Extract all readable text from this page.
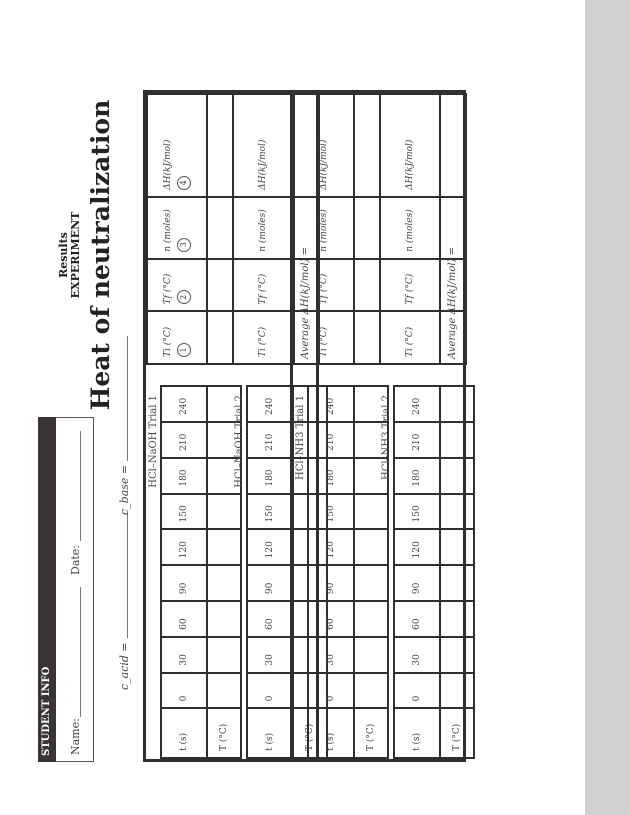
Results EXPERIMENT Heat of neutralization
STUDENT INFO	Name:
Date:
c_acid =
c_base =
HCl–NaOH Trial 1
t (s)	0	30	60	90	120	150	180	210	240
T (°C)									
Ti (°C) 1	Tf (°C) 2	n (moles) 3	ΔH(kJ/mol) 4

HCl–NaOH Trial 2
t (s)	0	30	60	90	120	150	180	210	240
T (°C)									
Ti (°C)	Tf (°C)	n (moles)	ΔH(kJ/mol)

Average ΔH(kJ/mol) =
HCl–NH3 Trial 1
t (s)	0	30	60	90	120	150	180	210	240
T (°C)									
Ti (°C)	Tf (°C)	n (moles)	ΔH(kJ/mol)

HCl–NH3 Trial 2
t (s)	0	30	60	90	120	150	180	210	240
T (°C)									
Ti (°C)	Tf (°C)	n (moles)	ΔH(kJ/mol)

Average ΔH(kJ/mol) =
